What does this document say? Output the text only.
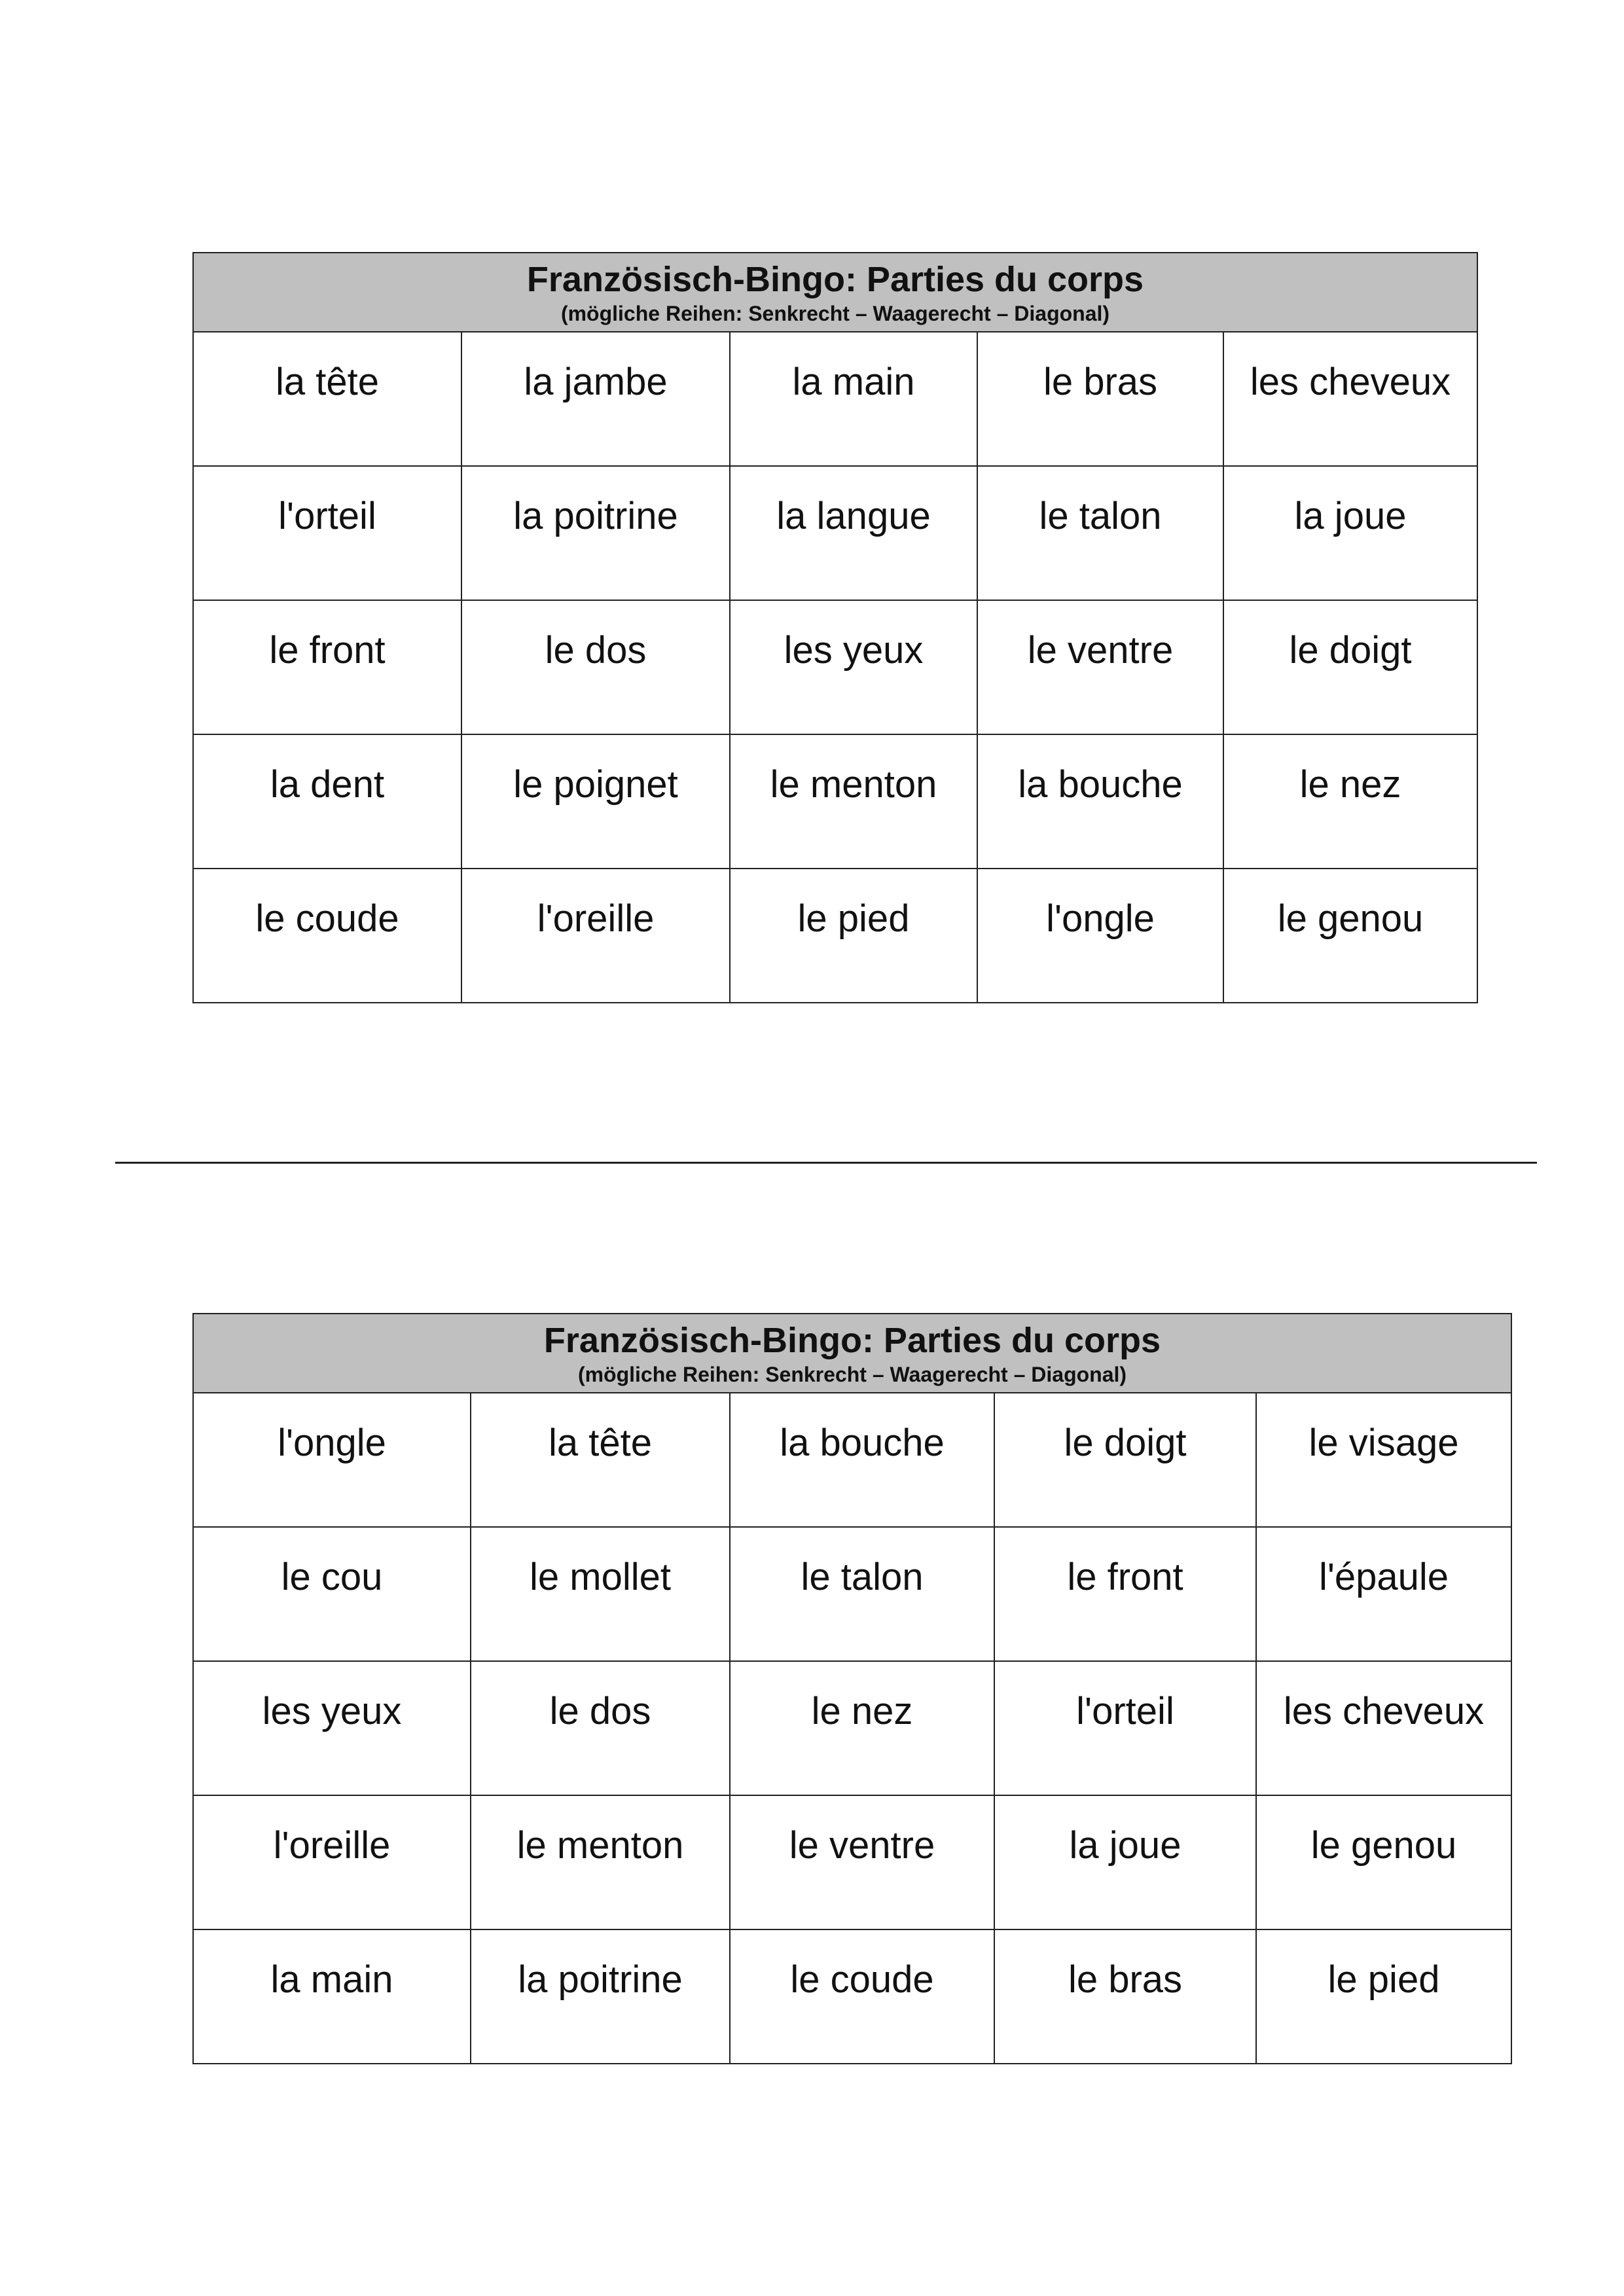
Französisch-Bingo: Parties du corps
(mögliche Reihen: Senkrecht – Waagerecht – Diagonal)				

la tête	la jambe	la main	le bras	les cheveux
l'orteil	la poitrine	la langue	le talon	la joue
le front	le dos	les yeux	le ventre	le doigt
la dent	le poignet	le menton	la bouche	le nez
le coude	l'oreille	le pied	l'ongle	le genou
Französisch-Bingo: Parties du corps
(mögliche Reihen: Senkrecht – Waagerecht – Diagonal)				

l'ongle	la tête	la bouche	le doigt	le visage
le cou	le mollet	le talon	le front	l'épaule
les yeux	le dos	le nez	l'orteil	les cheveux
l'oreille	le menton	le ventre	la joue	le genou
la main	la poitrine	le coude	le bras	le pied
